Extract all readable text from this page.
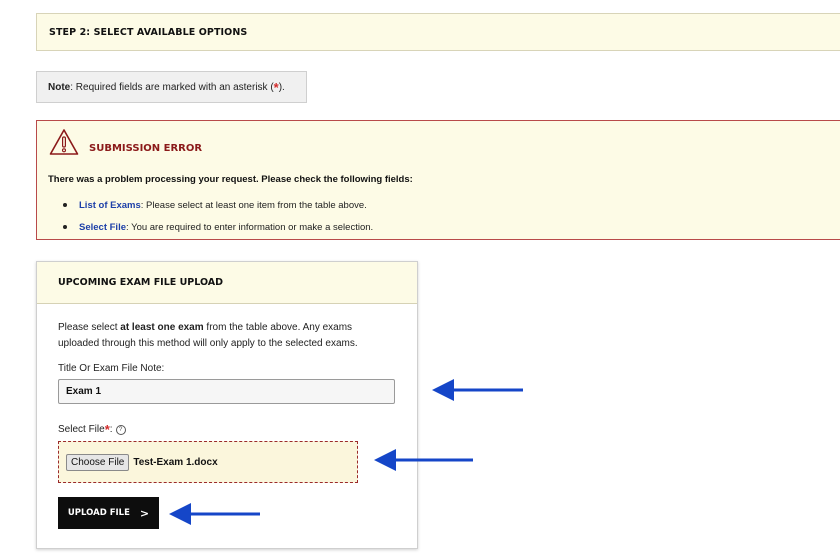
STEP 2: SELECT AVAILABLE OPTIONS
Note: Required fields are marked with an asterisk (*).
SUBMISSION ERROR
There was a problem processing your request. Please check the following fields:
List of Exams : Please select at least one item from the table above.
Select File : You are required to enter information or make a selection.
UPCOMING EXAM FILE UPLOAD
Please select at least one exam from the table above. Any exams uploaded through this method will only apply to the selected exams.
Title Or Exam File Note:
Exam 1
Select File*: ?
Choose File Test-Exam 1.docx
UPLOAD FILE >
